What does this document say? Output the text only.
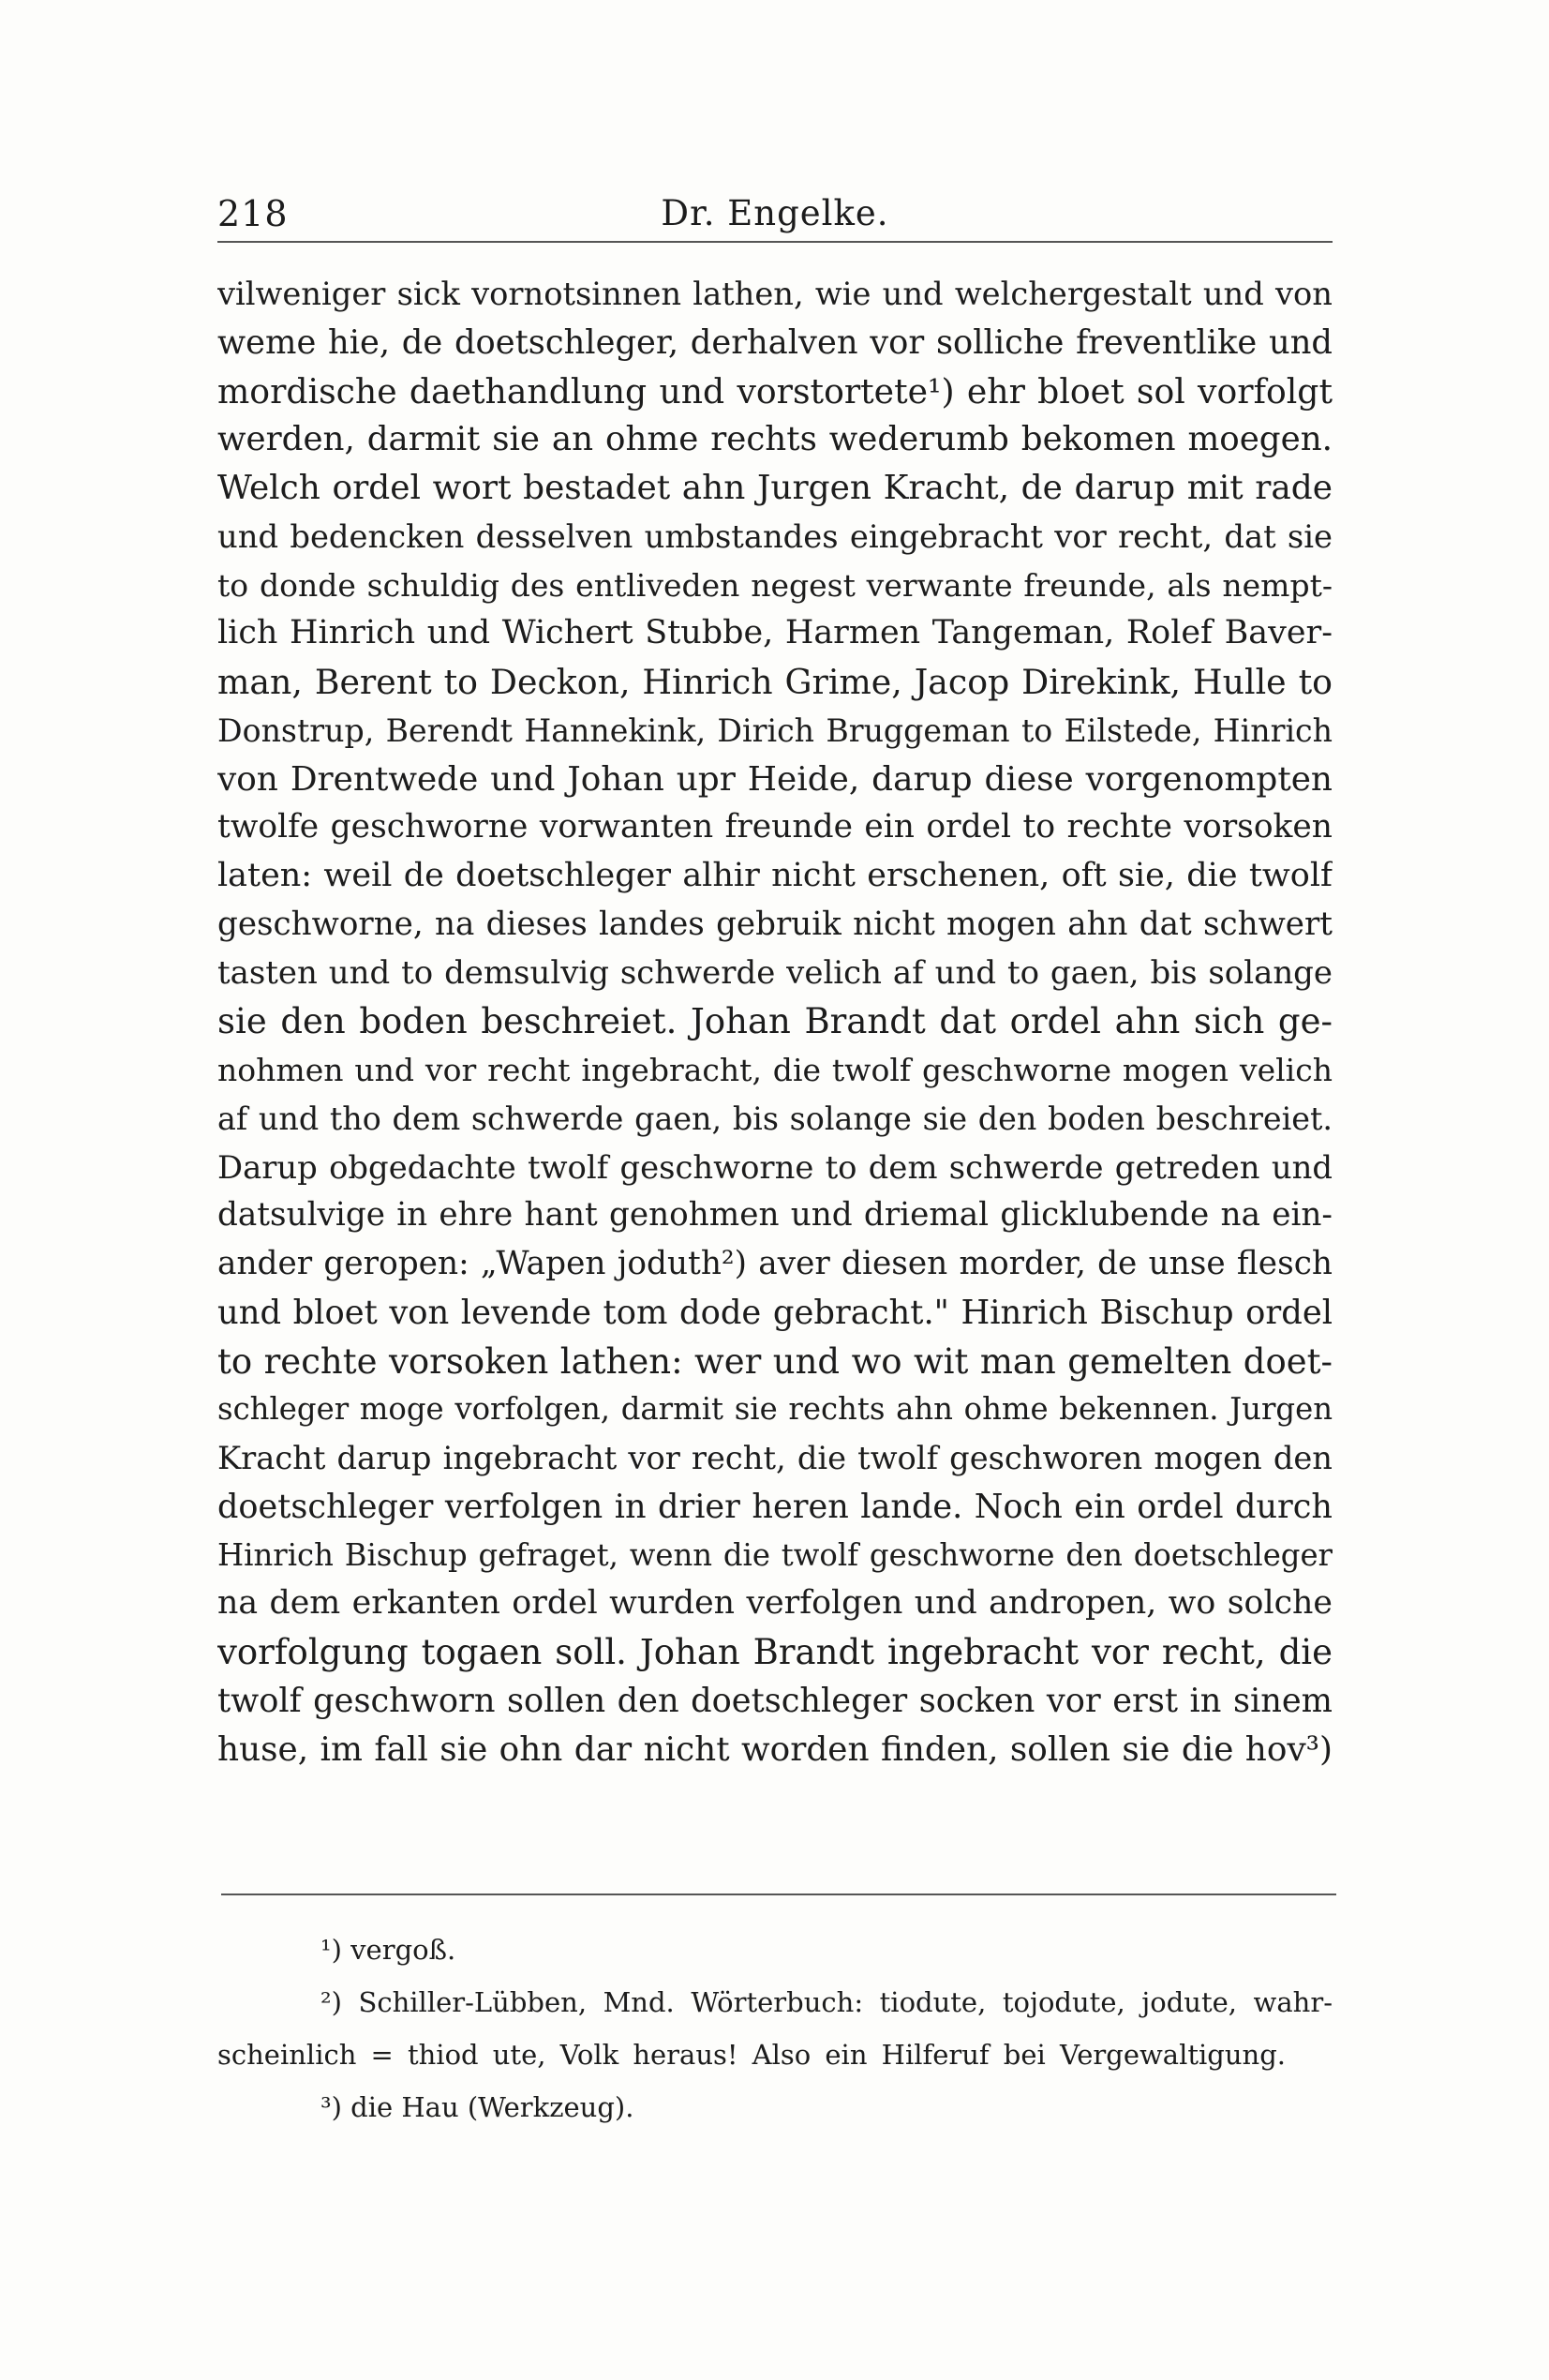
218	Dr. Engelke.
vilweniger sick vornotsinnen lathen, wie und welchergestalt und von
weme hie, de doetschleger, derhalven vor solliche freventlike und
mordische daethandlung und vorstortete¹) ehr bloet sol vorfolgt
werden, darmit sie an ohme rechts wederumb bekomen moegen.
Welch ordel wort bestadet ahn Jurgen Kracht, de darup mit rade
und bedencken desselven umbstandes eingebracht vor recht, dat sie
to donde schuldig des entliveden negest verwante freunde, als nempt-
lich Hinrich und Wichert Stubbe, Harmen Tangeman, Rolef Baver-
man, Berent to Deckon, Hinrich Grime, Jacop Direkink, Hulle to
Donstrup, Berendt Hannekink, Dirich Bruggeman to Eilstede, Hinrich
von Drentwede und Johan upr Heide, darup diese vorgenompten
twolfe geschworne vorwanten freunde ein ordel to rechte vorsoken
laten: weil de doetschleger alhir nicht erschenen, oft sie, die twolf
geschworne, na dieses landes gebruik nicht mogen ahn dat schwert
tasten und to demsulvig schwerde velich af und to gaen, bis solange
sie den boden beschreiet. Johan Brandt dat ordel ahn sich ge-
nohmen und vor recht ingebracht, die twolf geschworne mogen velich
af und tho dem schwerde gaen, bis solange sie den boden beschreiet.
Darup obgedachte twolf geschworne to dem schwerde getreden und
datsulvige in ehre hant genohmen und driemal glicklubende na ein-
ander geropen: „Wapen joduth²) aver diesen morder, de unse flesch
und bloet von levende tom dode gebracht." Hinrich Bischup ordel
to rechte vorsoken lathen: wer und wo wit man gemelten doet-
schleger moge vorfolgen, darmit sie rechts ahn ohme bekennen. Jurgen
Kracht darup ingebracht vor recht, die twolf geschworen mogen den
doetschleger verfolgen in drier heren lande. Noch ein ordel durch
Hinrich Bischup gefraget, wenn die twolf geschworne den doetschleger
na dem erkanten ordel wurden verfolgen und andropen, wo solche
vorfolgung togaen soll. Johan Brandt ingebracht vor recht, die
twolf geschworn sollen den doetschleger socken vor erst in sinem
huse, im fall sie ohn dar nicht worden finden, sollen sie die hov³)
¹) vergoß.
²) Schiller-Lübben, Mnd. Wörterbuch: tiodute, tojodute, jodute, wahr-
scheinlich = thiod ute, Volk heraus! Also ein Hilferuf bei Vergewaltigung.
³) die Hau (Werkzeug).
